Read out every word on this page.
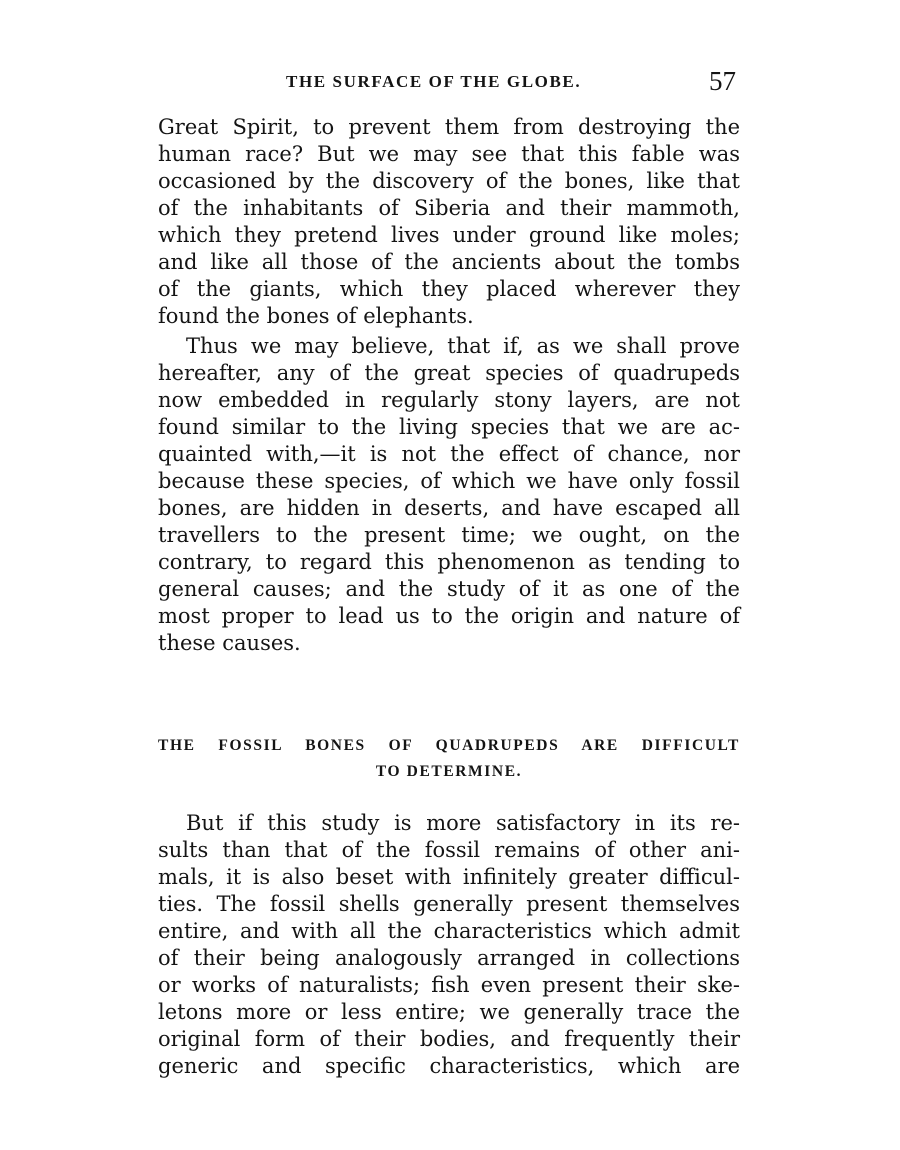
THE SURFACE OF THE GLOBE.	57
Great Spirit, to prevent them from destroying the
human race? But we may see that this fable was
occasioned by the discovery of the bones, like that
of the inhabitants of Siberia and their mammoth,
which they pretend lives under ground like moles;
and like all those of the ancients about the tombs
of the giants, which they placed wherever they
found the bones of elephants.
Thus we may believe, that if, as we shall prove
hereafter, any of the great species of quadrupeds
now embedded in regularly stony layers, are not
found similar to the living species that we are ac-
quainted with,—it is not the effect of chance, nor
because these species, of which we have only fossil
bones, are hidden in deserts, and have escaped all
travellers to the present time; we ought, on the
contrary, to regard this phenomenon as tending to
general causes; and the study of it as one of the
most proper to lead us to the origin and nature of
these causes.
THE FOSSIL BONES OF QUADRUPEDS ARE DIFFICULT
TO DETERMINE.
But if this study is more satisfactory in its re-
sults than that of the fossil remains of other ani-
mals, it is also beset with infinitely greater difficul-
ties. The fossil shells generally present themselves
entire, and with all the characteristics which admit
of their being analogously arranged in collections
or works of naturalists; fish even present their ske-
letons more or less entire; we generally trace the
original form of their bodies, and frequently their
generic and specific characteristics, which are
